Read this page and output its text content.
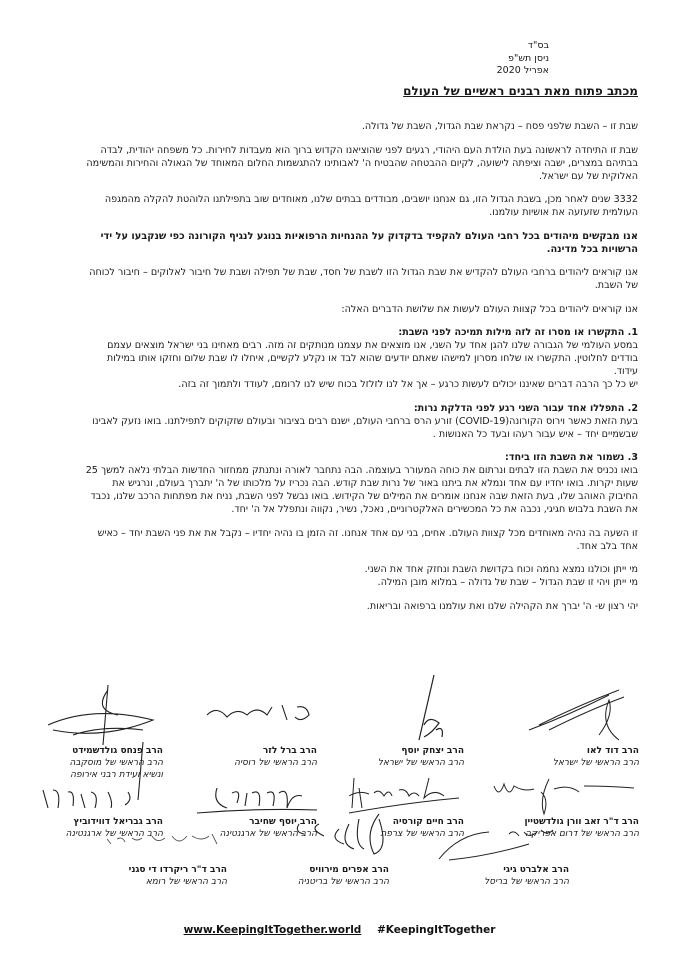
בס"ד
ניסן תש"פ
אפריל 2020
מכתב פתוח מאת רבנים ראשיים של העולם

שבת זו – השבת שלפני פסח – נקראת שבת הגדול, השבת של גדולה.

שבת זו התיחדה לראשונה בעת הולדת העם היהודי, רגעים לפני שהוציאנו הקדוש ברוך הוא מעבדות לחירות. כל משפחה יהודית, לבדה בבתיהם במצרים, ישבה וציפתה לישועה, לקיום ההבטחה שהבטיח ה' לאבותינו להתגשמות החלום המאוחד של הגאולה והחירות והמשימה האלוקית של עם ישראל.

3332 שנים לאחר מכן, בשבת הגדול הזו, גם אנחנו יושבים, מבודדים בבתים שלנו, מאוחדים שוב בתפילתנו הלוהטת להקלה מהמגפה העולמית שזעזעה את אושיות עולמנו.

אנו מבקשים מיהודים בכל רחבי העולם להקפיד בדקדוק על ההנחיות הרפואיות בנוגע לנגיף הקורונה כפי שנקבעו על ידי הרשויות בכל מדינה.

אנו קוראים ליהודים ברחבי העולם להקדיש את שבת הגדול הזו לשבת של חסד, שבת של תפילה ושבת של חיבור לאלוקים – חיבור לכוחה של השבת.

אנו קוראים ליהודים בכל קצוות העולם לעשות את שלושת הדברים האלה:

1. התקשרו או מסרו זה לזה מילות תמיכה לפני השבת:
במסע העולמי של הגבורה שלנו להגן אחד על השני, אנו מוצאים את עצמנו מנותקים זה מזה. רבים מאחינו בני ישראל מוצאים עצמם בודדים לחלוטין. התקשרו או שלחו מסרון למישהו שאתם יודעים שהוא לבד או נקלע לקשיים, איחלו לו שבת שלום וחזקו אותו במילות עידוד.
יש כל כך הרבה דברים שאיננו יכולים לעשות כרגע – אך אל לנו לזלזל בכוח שיש לנו לרומם, לעודד ולתמוך זה בזה.

2. התפללו אחד עבור השני רגע לפני הדלקת נרות:
בעת הזאת כאשר וירוס הקורונה(COVID-19) זורע הרס ברחבי העולם, ישנם רבים בציבור ובעולם שזקוקים לתפילתנו. בואו נזעק לאבינו שבשמיים יחד – איש עבור רעהו ובעד כל האנושות .

3. נשמור את השבת הזו ביחד:
בואו נכניס את השבת הזו לבתים ונרתום את כוחה המעורר בעוצמה. הבה נתחבר לאורה ונתנתק ממחזור החדשות הבלתי נלאה למשך 25 שעות יקרות. בואו יחדיו עם אחד ונמלא את ביתנו באור של נרות שבת קודש. הבה נכריז על מלכותו של ה' יתברך בעולם, ונרגיש את החיבוק האוהב שלו, בעת הזאת שבה אנחנו אומרים את המילים של הקידוש. בואו נבשל לפני השבת, נניח את מפתחות הרכב שלנו, נכבד את השבת בלבוש חגיגי, נכבה את כל המכשירים האלקטרוניים, נאכל, נשיר, נקווה ונתפלל אל ה' יחד.

זו השעה בה נהיה מאוחדים מכל קצוות העולם. אחים, בני עם אחד אנחנו. זה הזמן בו נהיה יחדיו – נקבל את את פני השבת יחד – כאיש אחד בלב אחד.

מי ייתן וכולנו נמצא נחמה וכוח בקדושת השבת ונחזק אחד את השני.
מי ייתן ויהי זו שבת הגדול – שבת של גדולה – במלוא מובן המילה.

יהי רצון ש- ה' יברך את הקהילה שלנו ואת עולמנו ברפואה ובריאות.

הרב דוד לאו
הרב הראשי של ישראל
הרב יצחק יוסף
הרב הראשי של ישראל
הרב ברל לזר
הרב הראשי של רוסיה
הרב פנחס גולדשמידט
הרב הראשי של מוסקבה
ונשיא ועידת רבני אירופה
הרב ד"ר זאב וורן גולדשטיין
הרב הראשי של דרום אפריקה
הרב חיים קורסיה
הרב הראשי של צרפת
הרב יוסף שחיבר
הרב הראשי של ארגנטינה
הרב גבריאל דווידוביץ
הרב הראשי של ארגנטינה
הרב אלברט גיגי
הרב הראשי של בריסל
הרב אפרים מירוויס
הרב הראשי של בריטניה
הרב ד"ר ריקרדו די סגני
הרב הראשי של רומא
www.KeepingItTogether.world #KeepingItTogether
